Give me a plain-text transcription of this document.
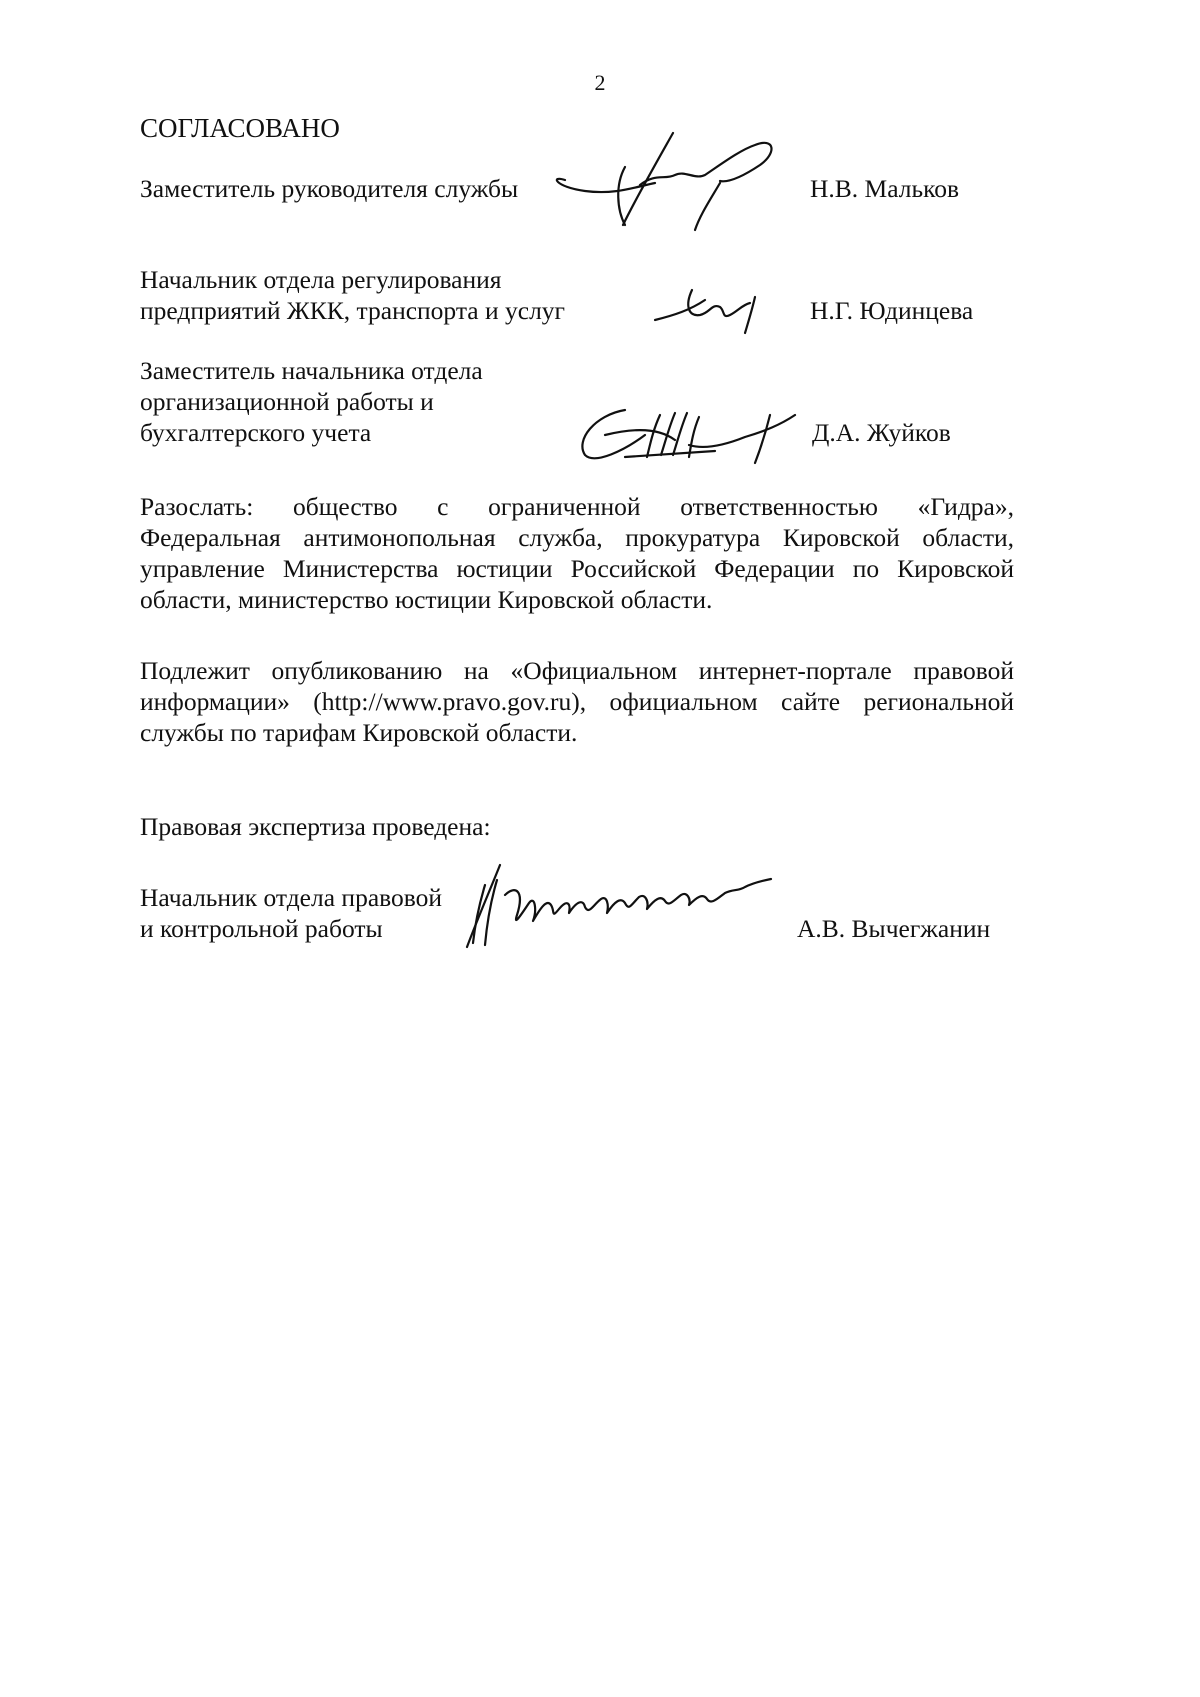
2
СОГЛАСОВАНО
Заместитель руководителя службы	Н.В. Мальков
Начальник отдела регулирования
предприятий ЖКК, транспорта и услуг	Н.Г. Юдинцева
Заместитель начальника отдела
организационной работы и
бухгалтерского учета	Д.А. Жуйков
Разослать: общество с ограниченной ответственностью «Гидра»,
Федеральная антимонопольная служба, прокуратура Кировской области,
управление Министерства юстиции Российской Федерации по Кировской
области, министерство юстиции Кировской области.
Подлежит опубликованию на «Официальном интернет-портале правовой
информации» (http://www.pravo.gov.ru), официальном сайте региональной
службы по тарифам Кировской области.
Правовая экспертиза проведена:
Начальник отдела правовой
и контрольной работы	А.В. Вычегжанин
